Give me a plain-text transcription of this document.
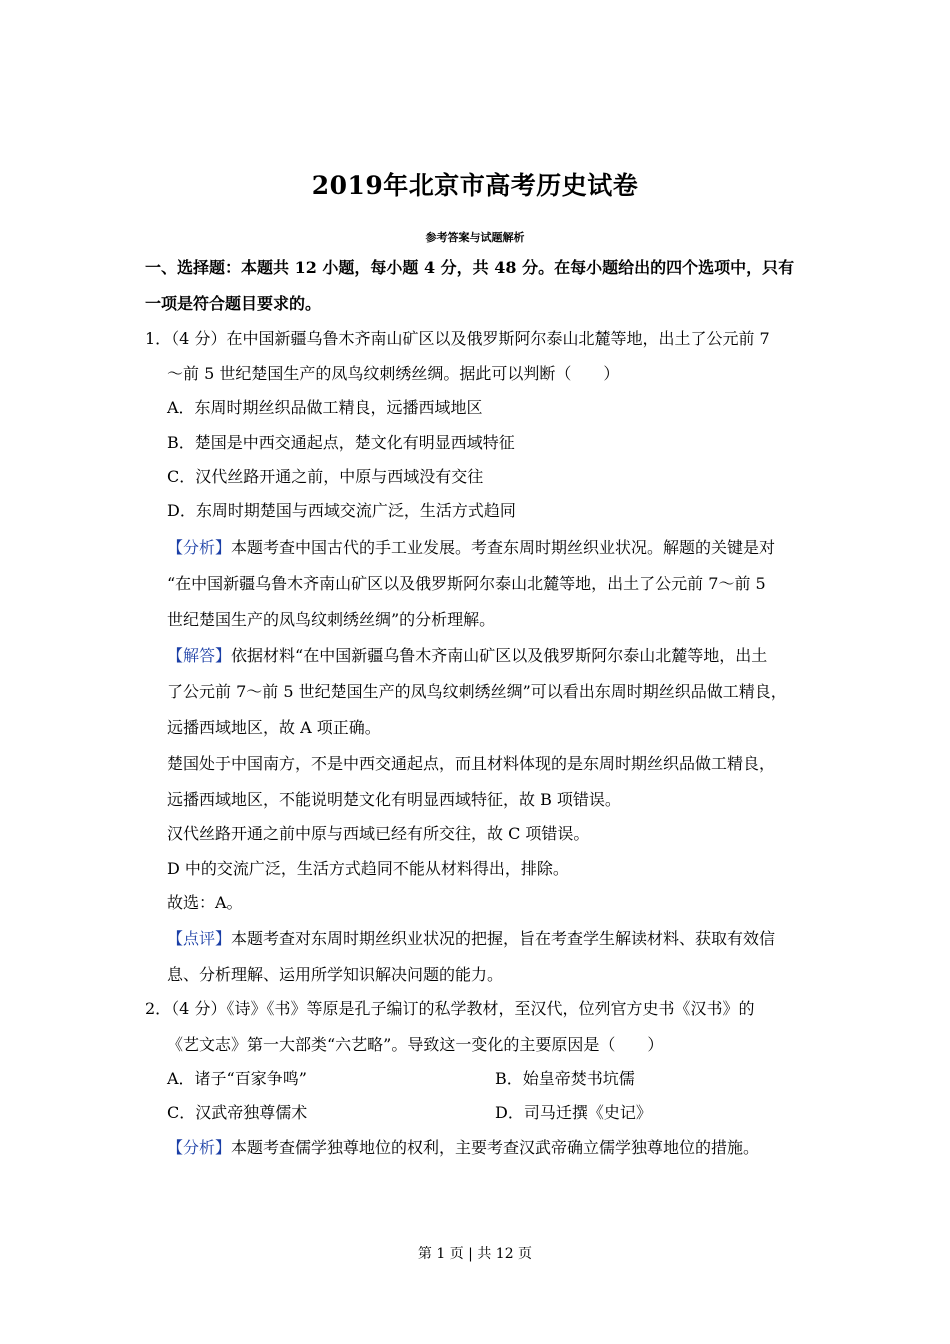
2019年北京市高考历史试卷
参考答案与试题解析
一、选择题：本题共 12 小题，每小题 4 分，共 48 分。在每小题给出的四个选项中，只有
一项是符合题目要求的。
1．（4 分）在中国新疆乌鲁木齐南山矿区以及俄罗斯阿尔泰山北麓等地，出土了公元前 7
～前 5 世纪楚国生产的凤鸟纹刺绣丝绸。据此可以判断（　　）
A．东周时期丝织品做工精良，远播西域地区
B．楚国是中西交通起点，楚文化有明显西域特征
C．汉代丝路开通之前，中原与西域没有交往
D．东周时期楚国与西域交流广泛，生活方式趋同
【分析】本题考查中国古代的手工业发展。考查东周时期丝织业状况。解题的关键是对
“在中国新疆乌鲁木齐南山矿区以及俄罗斯阿尔泰山北麓等地，出土了公元前 7～前 5
世纪楚国生产的凤鸟纹刺绣丝绸”的分析理解。
【解答】依据材料“在中国新疆乌鲁木齐南山矿区以及俄罗斯阿尔泰山北麓等地，出土
了公元前 7～前 5 世纪楚国生产的凤鸟纹刺绣丝绸”可以看出东周时期丝织品做工精良，
远播西域地区，故 A 项正确。
楚国处于中国南方，不是中西交通起点，而且材料体现的是东周时期丝织品做工精良，
远播西域地区，不能说明楚文化有明显西域特征，故 B 项错误。
汉代丝路开通之前中原与西域已经有所交往，故 C 项错误。
D 中的交流广泛，生活方式趋同不能从材料得出，排除。
故选：A。
【点评】本题考查对东周时期丝织业状况的把握，旨在考查学生解读材料、获取有效信
息、分析理解、运用所学知识解决问题的能力。
2．（4 分）《诗》《书》等原是孔子编订的私学教材，至汉代，位列官方史书《汉书》的
《艺文志》第一大部类“六艺略”。导致这一变化的主要原因是（　　）
A．诸子“百家争鸣”	B．始皇帝焚书坑儒
C．汉武帝独尊儒术	D．司马迁撰《史记》
【分析】本题考查儒学独尊地位的权利，主要考查汉武帝确立儒学独尊地位的措施。
第 1 页 | 共 12 页
